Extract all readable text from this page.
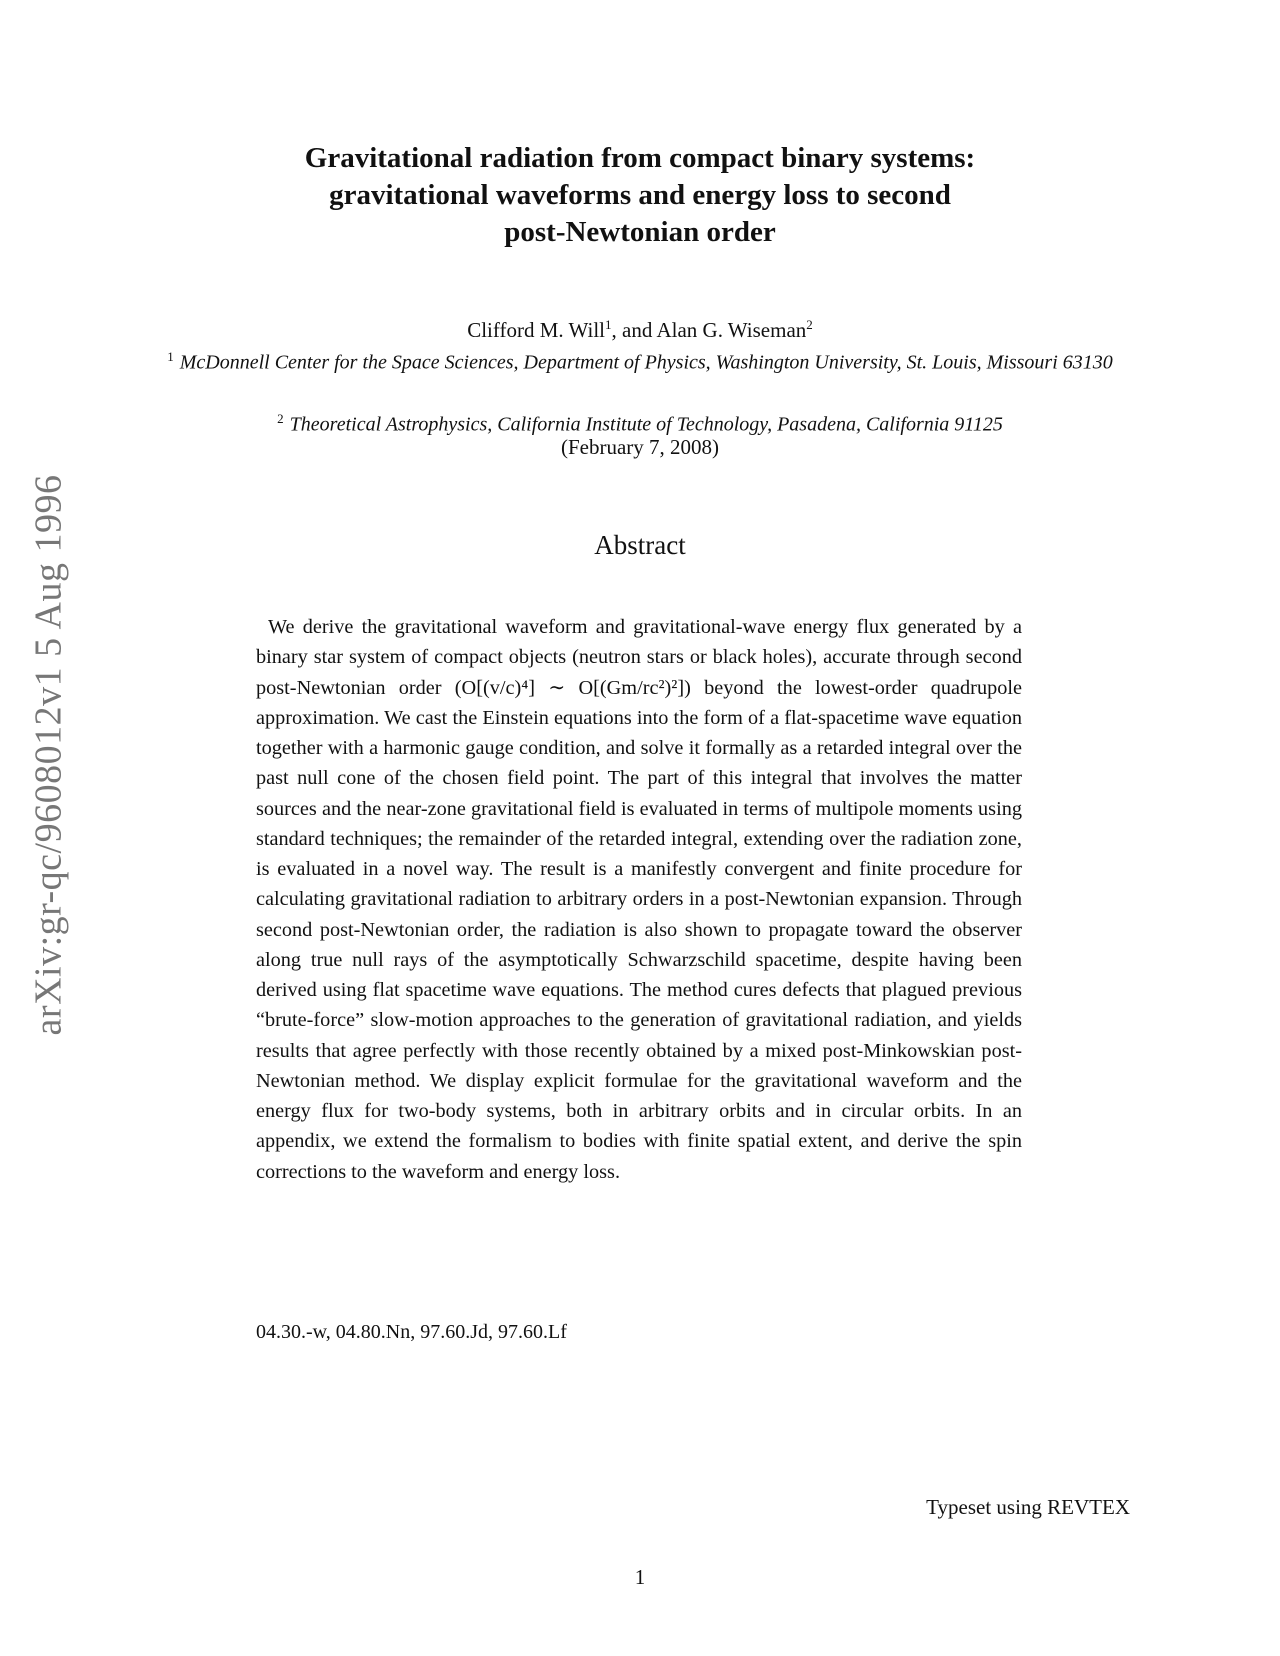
arXiv:gr-qc/9608012v1 5 Aug 1996
Gravitational radiation from compact binary systems:
gravitational waveforms and energy loss to second
post-Newtonian order
Clifford M. Will$^1$, and Alan G. Wiseman$^2$
$^1$ McDonnell Center for the Space Sciences, Department of Physics, Washington University, St. Louis, Missouri 63130
$^2$ Theoretical Astrophysics, California Institute of Technology, Pasadena, California 91125
(February 7, 2008)
Abstract

We derive the gravitational waveform and gravitational-wave energy flux generated by a binary star system of compact objects (neutron stars or black holes), accurate through second post-Newtonian order (O[(v/c)⁴] ∼ O[(Gm/rc²)²]) beyond the lowest-order quadrupole approximation. We cast the Einstein equations into the form of a flat-spacetime wave equation together with a harmonic gauge condition, and solve it formally as a retarded integral over the past null cone of the chosen field point. The part of this integral that involves the matter sources and the near-zone gravitational field is evaluated in terms of multipole moments using standard techniques; the remainder of the retarded integral, extending over the radiation zone, is evaluated in a novel way. The result is a manifestly convergent and finite procedure for calculating gravitational radiation to arbitrary orders in a post-Newtonian expansion. Through second post-Newtonian order, the radiation is also shown to propagate toward the observer along true null rays of the asymptotically Schwarzschild spacetime, despite having been derived using flat spacetime wave equations. The method cures defects that plagued previous “brute-force” slow-motion approaches to the generation of gravitational radiation, and yields results that agree perfectly with those recently obtained by a mixed post-Minkowskian post-Newtonian method. We display explicit formulae for the gravitational waveform and the energy flux for two-body systems, both in arbitrary orbits and in circular orbits. In an appendix, we extend the formalism to bodies with finite spatial extent, and derive the spin corrections to the waveform and energy loss.

04.30.-w, 04.80.Nn, 97.60.Jd, 97.60.Lf
Typeset using REVTEX
1
